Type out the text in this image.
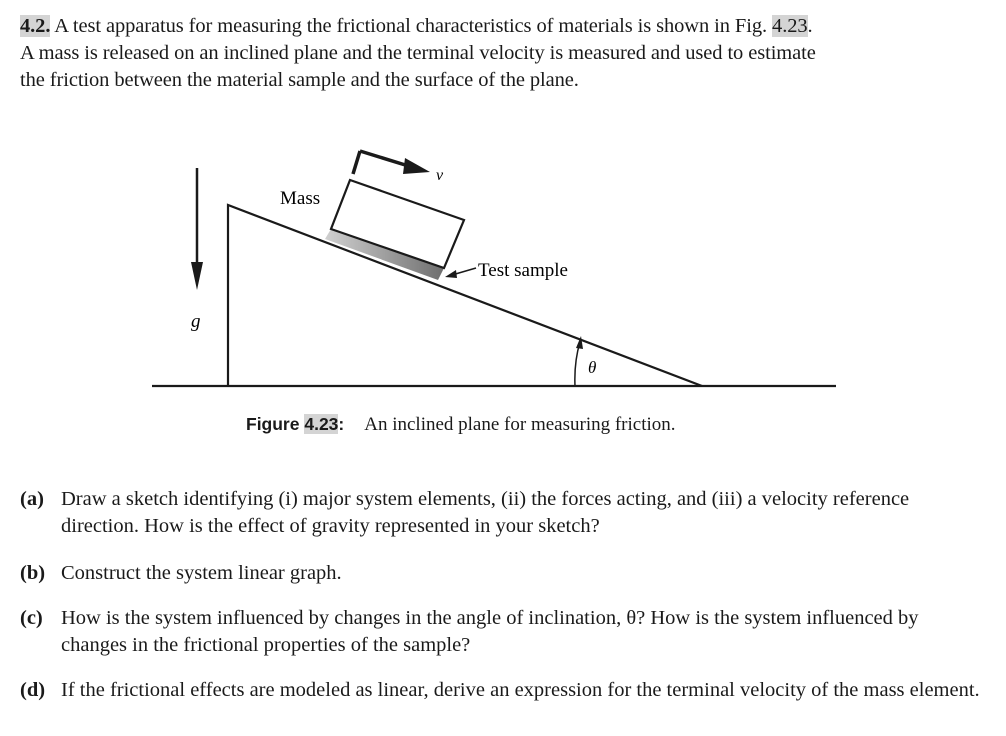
4.2. A test apparatus for measuring the frictional characteristics of materials is shown in Fig. 4.23.
A mass is released on an inclined plane and the terminal velocity is measured and used to estimate
the friction between the material sample and the surface of the plane.
v
Mass
Test sample
g
θ
Figure 4.23: An inclined plane for measuring friction.
(a) Draw a sketch identifying (i) major system elements, (ii) the forces acting, and (iii) a velocity reference direction. How is the effect of gravity represented in your sketch?
(b) Construct the system linear graph.
(c) How is the system influenced by changes in the angle of inclination, θ? How is the system influenced by changes in the frictional properties of the sample?
(d) If the frictional effects are modeled as linear, derive an expression for the terminal velocity of the mass element.
